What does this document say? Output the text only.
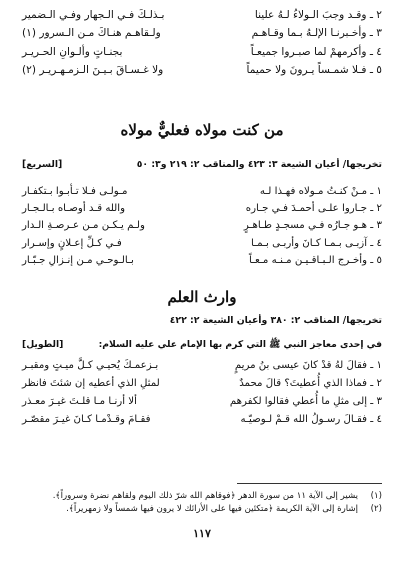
٢ ـ وقـد وجبَ الـولاءُ لـهُ علينا
بـذلـكَ فـي الـجهار وفـي الـضمير
٣ ـ وأخـبرنـا الإلـهُ بـما وقـاهـم
ولـقاهـم هنـاكَ مـن الـسرور (١)
٤ ـ وأكرمهمْ لما صبـروا جميعـاً
بجنـاتٍ وألـوانِ الحـريـر
٥ ـ فـلا شمـساً يـرونَ ولا حميماً
ولا غـسـاقَ بـيـنَ الـزمـهـريـر (٢)
من كنت مولاه فعليٌّ مولاه
تخريجها/ أعيان الشيعة ٣: ٤٢٣ والمناقب ٢: ٢١٩ و٣: ٥٠
[السريع]
١ ـ مـنْ كنـتُ مـولاه فهـذا لـه
مـولـى فـلا تـأبـوا بـتكفـار
٢ ـ جـاروا علـى أحمـدَ فـي جـاره
والله قـد أوصـاه بـالـجـار
٣ ـ هـو جـارُه فـي مسجـدٍ طـاهـرٍ
ولـم يـكـن مـن عـرصـةِ الـدار
٤ ـ آزبـى بـمـا كـانَ وأربـى بـمـا
فـي كـلِّ إعـلانٍ وإسـرار
٥ ـ وأخـرج الـبـاقـيـن مـنـه مـعـاً
بـالـوحـي مـن إنـزالِ جـبّـار
وارث العلم
تخريجها/ المناقب ٢: ٣٨٠ وأعيان الشيعة ٢: ٤٢٢
في إحدى معاجز النبي ﷺ التي كرم بها الإمام علي عليه السلام:
[الطويل]
١ ـ فقالَ لهُ قدْ كانَ عيسى بنُ مريمٍ
بـزعمـكَ يُحيـي كـلَّ ميـتٍ ومقبـر
٢ ـ فماذا الذي أُعطيتَ؟ قالَ محمدٌ
لمثلِ الذي أعطيه إن شئتَ فانظر
٣ ـ إلى مثلِ ما أُعطي فقالوا لكفرهم
ألا أرنـا مـا قلـتَ غيـرَ معـذر
٤ ـ فقـالَ رسـولُ الله قـمْ لـوصيّـه
فقـامَ وقـدْمـا كـانَ غيـرَ مقصّـر
(١)
يشير إلى الآية ١١ من سورة الدهر ﴿فوقاهم الله شرّ ذلك اليوم ولقاهم نضرة وسروراً﴾.
(٢)
إشارة إلى الآية الكريمة ﴿متكئين فيها على الأرائك لا يرون فيها شمساً ولا زمهريراً﴾.
١١٧
